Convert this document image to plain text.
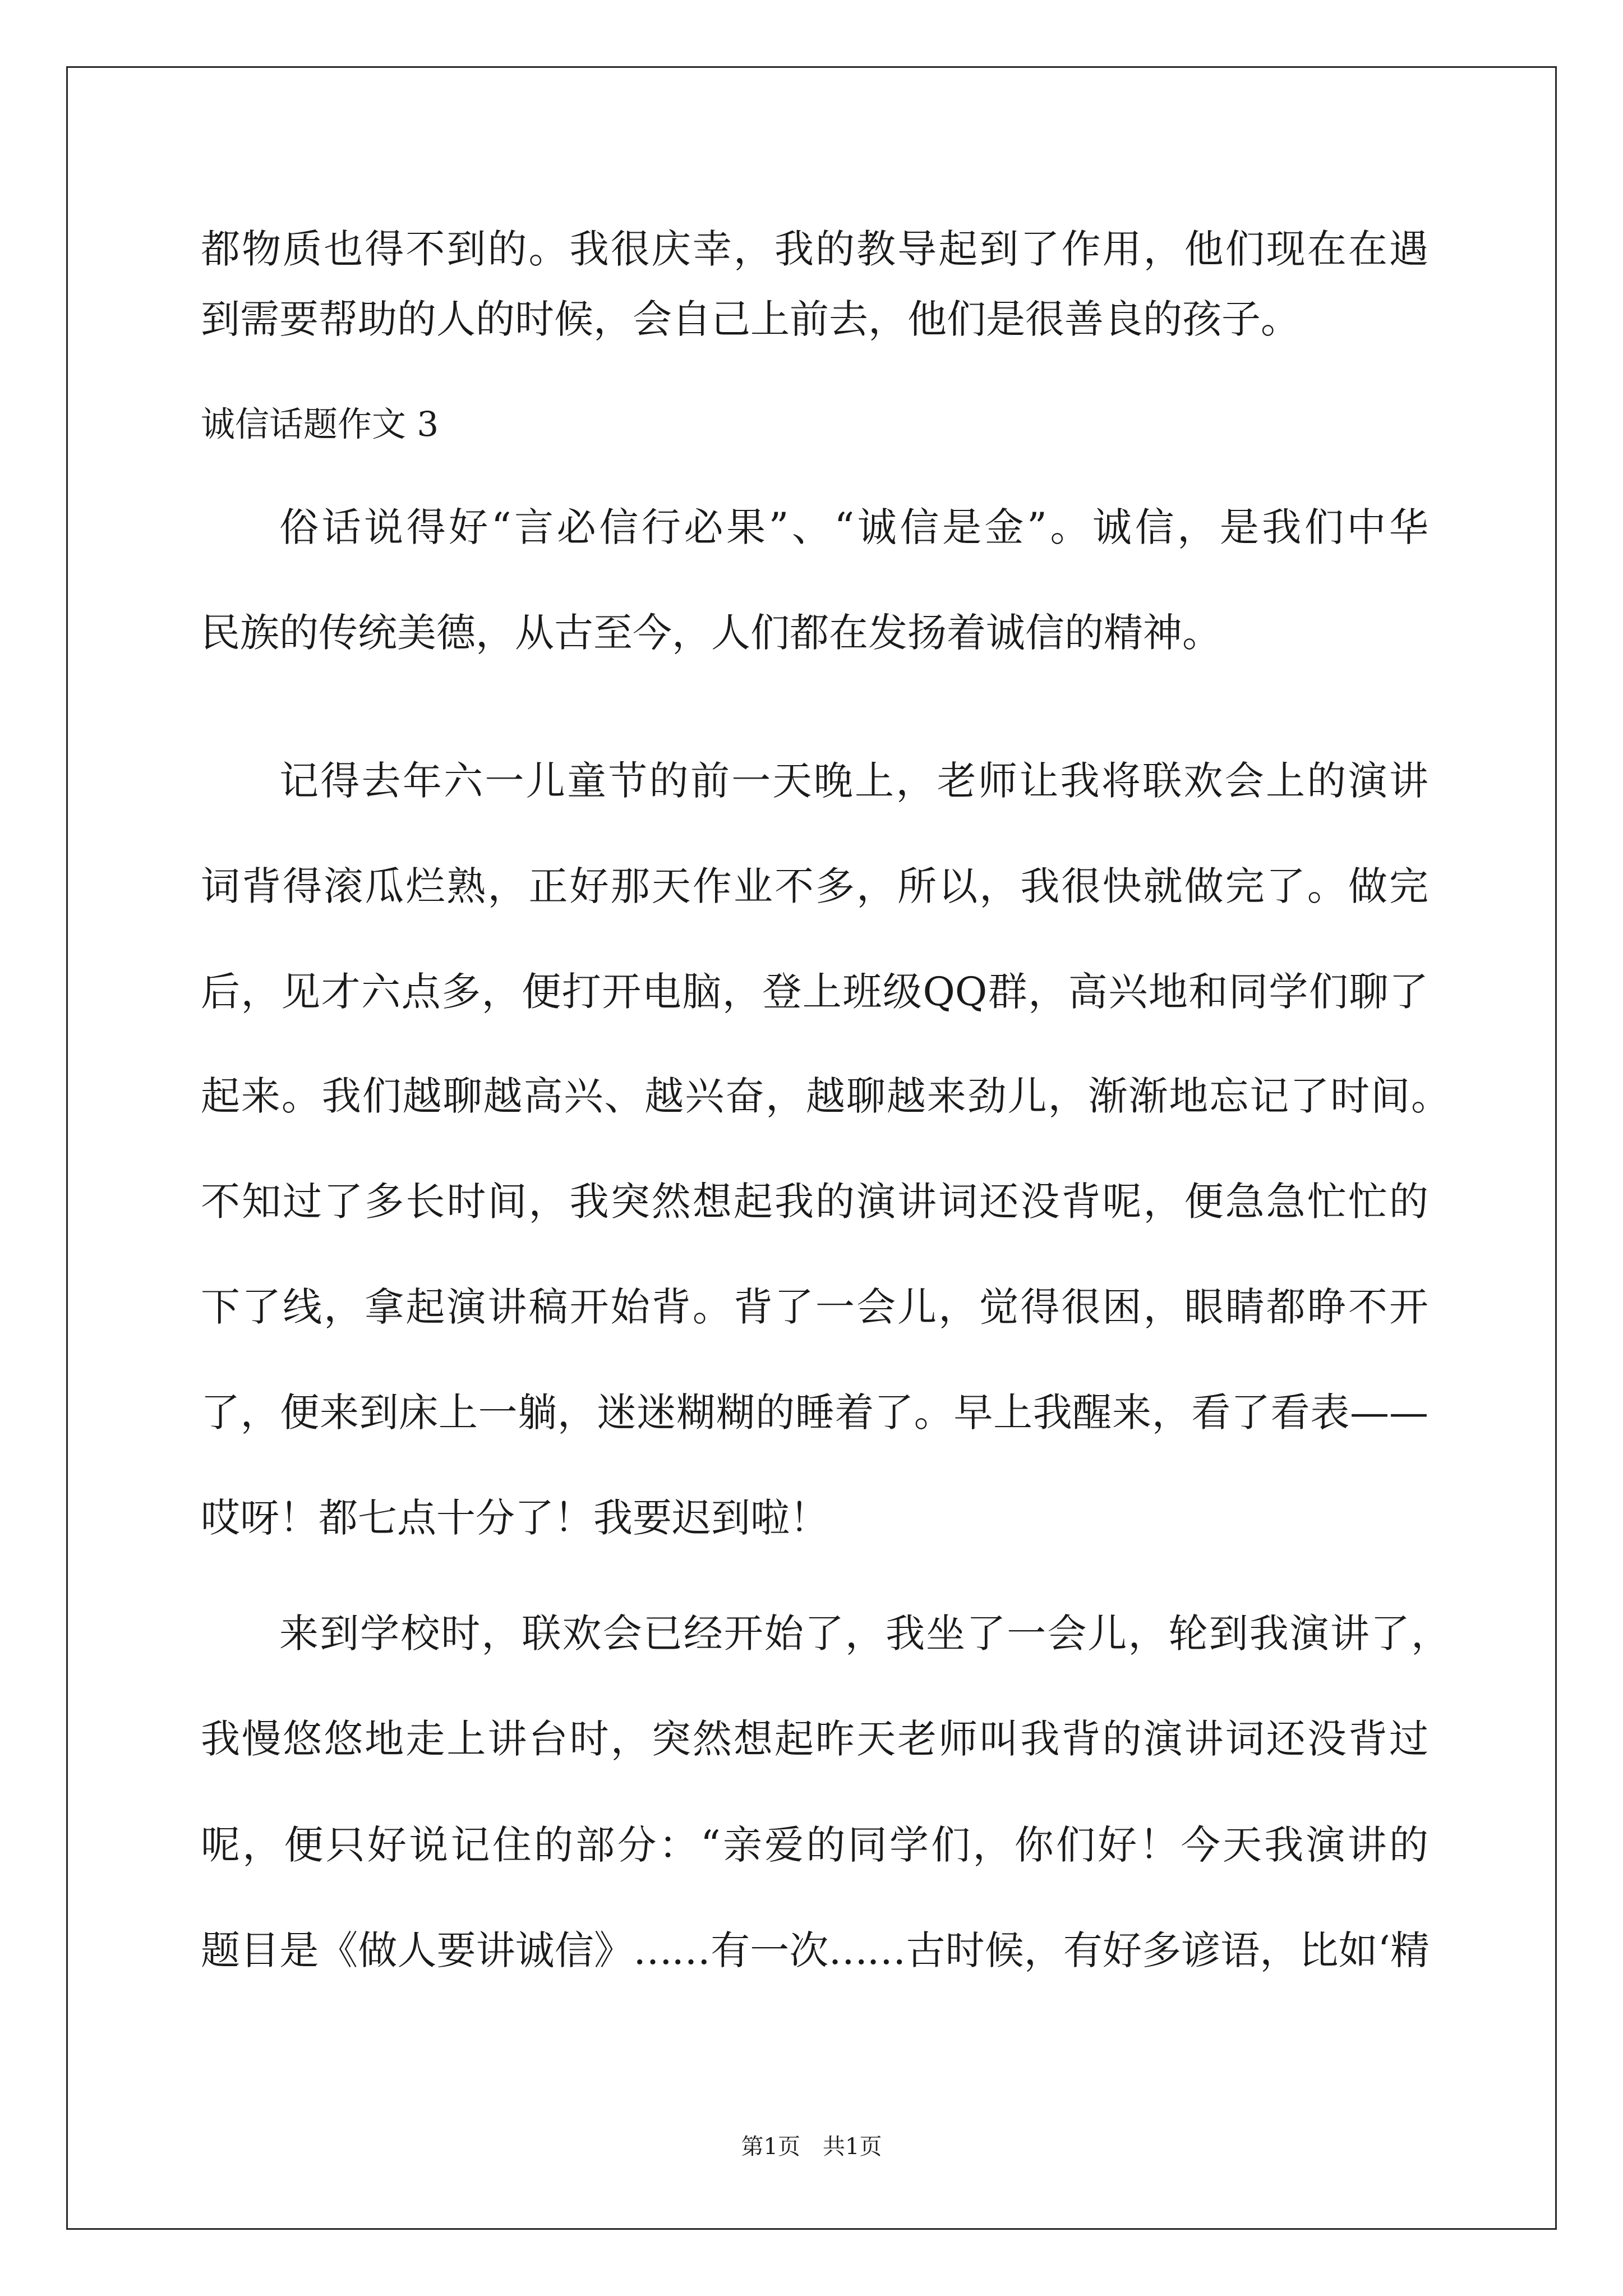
都物质也得不到的。我很庆幸，我的教导起到了作用，他们现在在遇
到需要帮助的人的时候，会自己上前去，他们是很善良的孩子。
诚信话题作文 3
俗话说得好“言必信行必果”、“诚信是金”。诚信，是我们中华
民族的传统美德，从古至今，人们都在发扬着诚信的精神。
记得去年六一儿童节的前一天晚上，老师让我将联欢会上的演讲
词背得滚瓜烂熟，正好那天作业不多，所以，我很快就做完了。做完
后，见才六点多，便打开电脑，登上班级QQ群，高兴地和同学们聊了
起来。我们越聊越高兴、越兴奋，越聊越来劲儿，渐渐地忘记了时间。
不知过了多长时间，我突然想起我的演讲词还没背呢，便急急忙忙的
下了线，拿起演讲稿开始背。背了一会儿，觉得很困，眼睛都睁不开
了，便来到床上一躺，迷迷糊糊的睡着了。早上我醒来，看了看表——
哎呀！都七点十分了！我要迟到啦！
来到学校时，联欢会已经开始了，我坐了一会儿，轮到我演讲了，
我慢悠悠地走上讲台时，突然想起昨天老师叫我背的演讲词还没背过
呢，便只好说记住的部分：“亲爱的同学们，你们好！今天我演讲的
题目是《做人要讲诚信》……有一次……古时候，有好多谚语，比如‘精
第1页　共1页
